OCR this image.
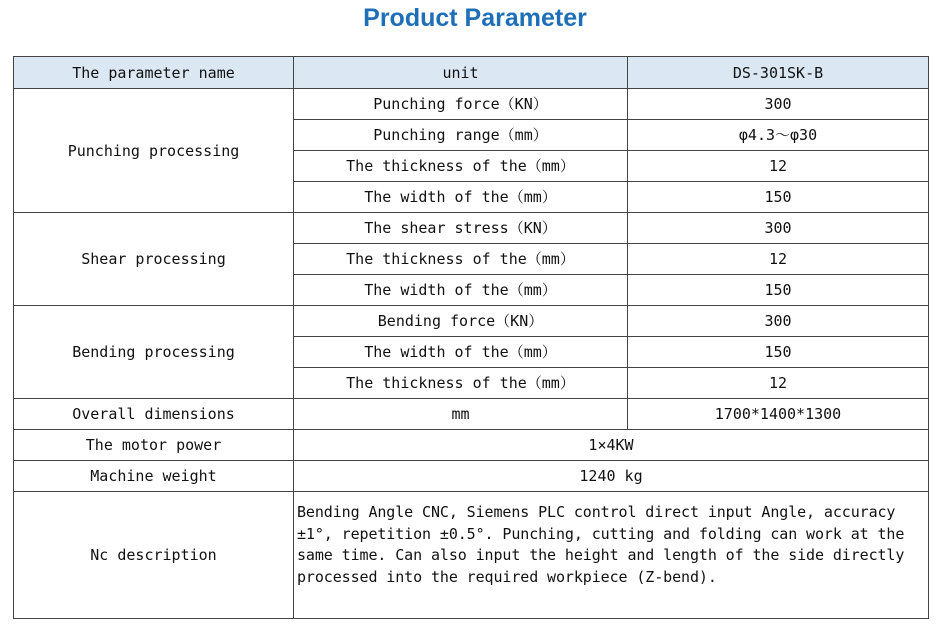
Product Parameter
The parameter name	unit	DS-301SK-B
Punching processing	Punching force（KN）	300
	Punching range（mm）	φ4.3～φ30
	The thickness of the（mm）	12
	The width of the（mm）	150
Shear processing	The shear stress（KN）	300
	The thickness of the（mm）	12
	The width of the（mm）	150
Bending processing	Bending force（KN）	300
	The width of the（mm）	150
	The thickness of the（mm）	12
Overall dimensions	mm	1700*1400*1300
The motor power	1×4KW	
Machine weight	1240 kg	
Nc description	Bending Angle CNC, Siemens PLC control direct input Angle, accuracy ±1°, repetition ±0.5°. Punching, cutting and folding can work at the same time. Can also input the height and length of the side directly processed into the required workpiece (Z-bend).	
